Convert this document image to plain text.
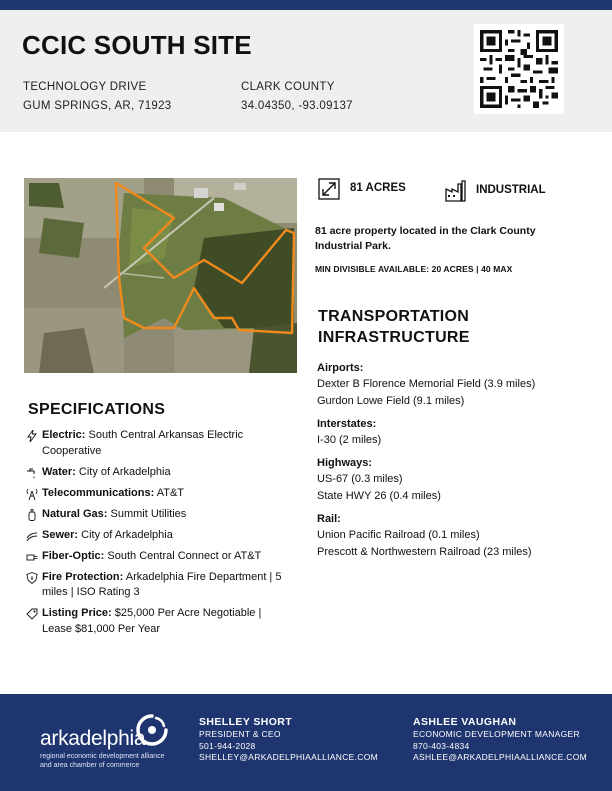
CCIC SOUTH SITE
TECHNOLOGY DRIVE
GUM SPRINGS, AR, 71923
CLARK COUNTY
34.04350, -93.09137
81 ACRES	INDUSTRIAL
81 acre property located in the Clark County Industrial Park.
MIN DIVISIBLE AVAILABLE: 20 ACRES | 40 MAX
SPECIFICATIONS
Electric: South Central Arkansas Electric Cooperative
Water: City of Arkadelphia
Telecommunications: AT&T
Natural Gas: Summit Utilities
Sewer: City of Arkadelphia
Fiber-Optic: South Central Connect or AT&T
Fire Protection: Arkadelphia Fire Department | 5 miles | ISO Rating 3
Listing Price: $25,000 Per Acre Negotiable | Lease $81,000 Per Year
TRANSPORTATION
INFRASTRUCTURE
Airports:
Dexter B Florence Memorial Field (3.9 miles)
Gurdon Lowe Field (9.1 miles)
Interstates:
I-30 (2 miles)
Highways:
US-67 (0.3 miles)
State HWY 26 (0.4 miles)
Rail:
Union Pacific Railroad (0.1 miles)
Prescott & Northwestern Railroad (23 miles)
arkadelphia
regional economic development alliance
and area chamber of commerce
SHELLEY SHORT
PRESIDENT & CEO
501-944-2028
SHELLEY@ARKADELPHIAALLIANCE.COM
ASHLEE VAUGHAN
ECONOMIC DEVELOPMENT MANAGER
870-403-4834
ASHLEE@ARKADELPHIAALLIANCE.COM
